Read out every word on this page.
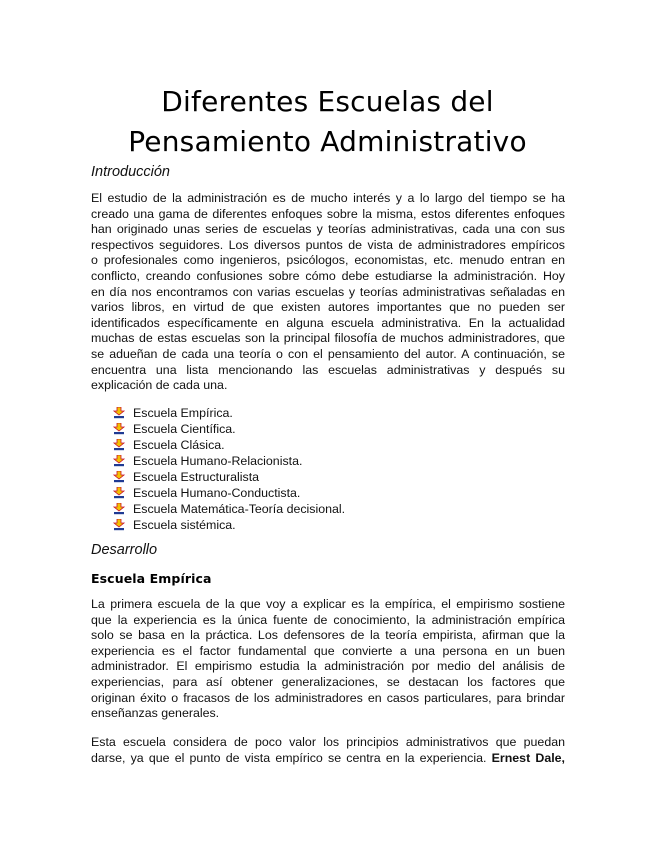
Diferentes Escuelas del
Pensamiento Administrativo
Introducción
El estudio de la administración es de mucho interés y a lo largo del tiempo se ha
creado una gama de diferentes enfoques sobre la misma, estos diferentes enfoques
han originado unas series de escuelas y teorías administrativas, cada una con sus
respectivos seguidores. Los diversos puntos de vista de administradores empíricos
o profesionales como ingenieros, psicólogos, economistas, etc. menudo entran en
conflicto, creando confusiones sobre cómo debe estudiarse la administración. Hoy
en día nos encontramos con varias escuelas y teorías administrativas señaladas en
varios libros, en virtud de que existen autores importantes que no pueden ser
identificados específicamente en alguna escuela administrativa. En la actualidad
muchas de estas escuelas son la principal filosofía de muchos administradores, que
se adueñan de cada una teoría o con el pensamiento del autor. A continuación, se
encuentra una lista mencionando las escuelas administrativas y después su
explicación de cada una.
Escuela Empírica.
Escuela Científica.
Escuela Clásica.
Escuela Humano-Relacionista.
Escuela Estructuralista
Escuela Humano-Conductista.
Escuela Matemática-Teoría decisional.
Escuela sistémica.
Desarrollo
Escuela Empírica
La primera escuela de la que voy a explicar es la empírica, el empirismo sostiene
que la experiencia es la única fuente de conocimiento, la administración empírica
solo se basa en la práctica. Los defensores de la teoría empirista, afirman que la
experiencia es el factor fundamental que convierte a una persona en un buen
administrador. El empirismo estudia la administración por medio del análisis de
experiencias, para así obtener generalizaciones, se destacan los factores que
originan éxito o fracasos de los administradores en casos particulares, para brindar
enseñanzas generales.
Esta escuela considera de poco valor los principios administrativos que puedan
darse, ya que el punto de vista empírico se centra en la experiencia. Ernest Dale,
